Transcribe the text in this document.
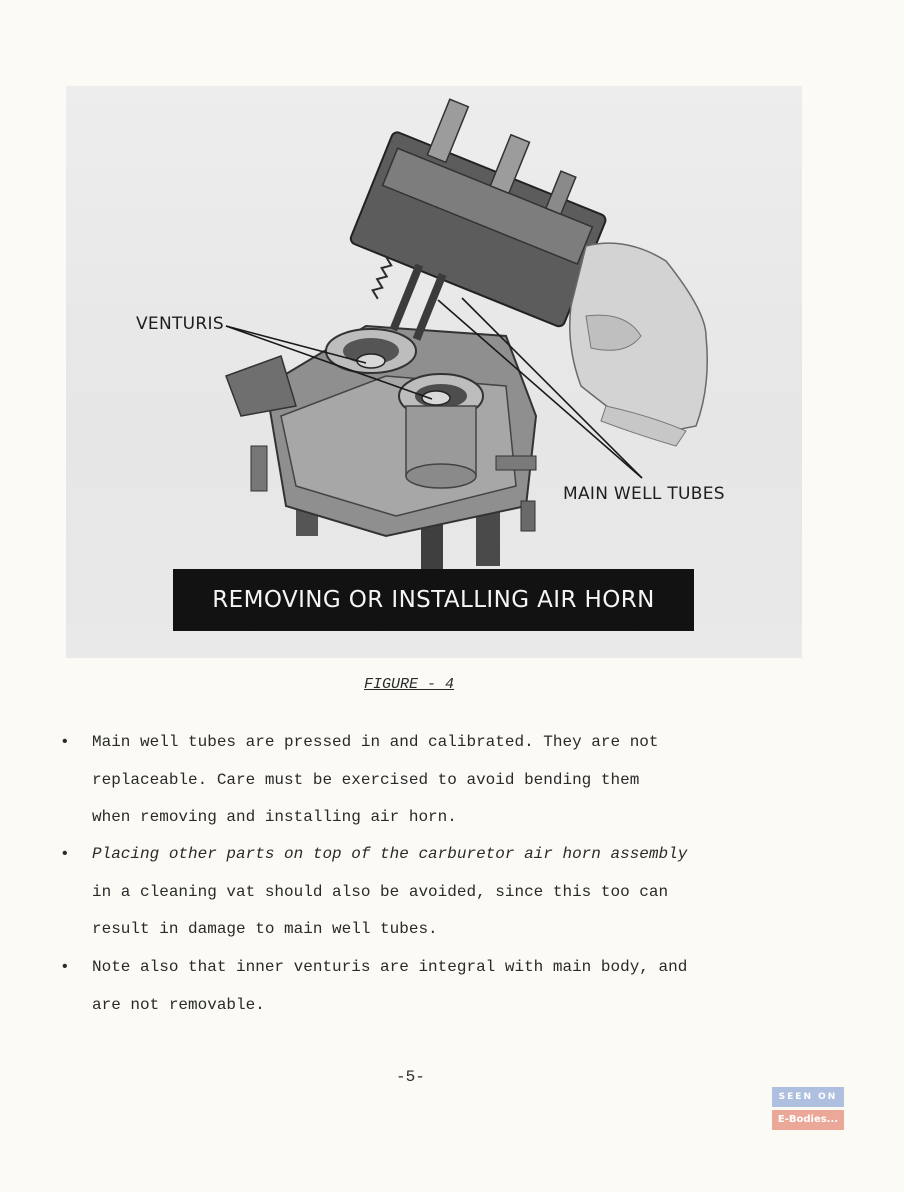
VENTURIS
MAIN WELL TUBES
REMOVING OR INSTALLING AIR HORN
FIGURE - 4
• Main well tubes are pressed in and calibrated. They are not

replaceable. Care must be exercised to avoid bending them

when removing and installing air horn.

• Placing other parts on top of the carburetor air horn assembly

in a cleaning vat should also be avoided, since this too can

result in damage to main well tubes.

• Note also that inner venturis are integral with main body, and

are not removable.

-5-
SEEN ON
E-Bodies...
